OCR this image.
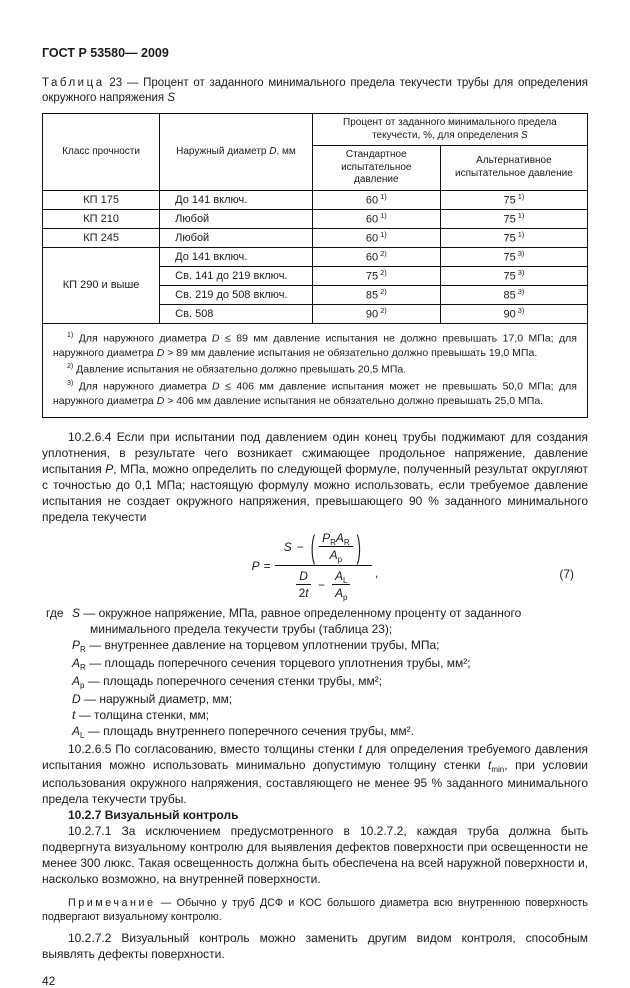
ГОСТ Р 53580— 2009
Таблица 23 — Процент от заданного минимального предела текучести трубы для определения окружного напряжения S
Класс прочности	Наружный диаметр D, мм	Процент от заданного минимального предела текучести, %, для определения S	
		Стандартное испытательное давление	Альтернативное испытательное давление
КП 175	До 141 включ.	60 $^{1)}$	75 $^{1)}$
КП 210	Любой	60 $^{1)}$	75 $^{1)}$
КП 245	Любой	60 $^{1)}$	75 $^{1)}$
КП 290 и выше	До 141 включ.	60 $^{2)}$	75 $^{3)}$
	Св. 141 до 219 включ.	75 $^{2)}$	75 $^{3)}$
	Св. 219 до 508 включ.	85 $^{2)}$	85 $^{3)}$
	Св. 508	90 $^{2)}$	90 $^{3)}$

$^{1)}$ Для наружного диаметра D ≤ 89 мм давление испытания не должно превышать 17,0 МПа; для наружного диаметра D > 89 мм давление испытания не обязательно должно превышать 19,0 МПа.
$^{2)}$ Давление испытания не обязательно должно превышать 20,5 МПа.
$^{3)}$ Для наружного диаметра D ≤ 406 мм давление испытания может не превышать 50,0 МПа; для наружного диаметра D > 406 мм давление испытания не обязательно должно превышать 25,0 МПа.			

10.2.6.4 Если при испытании под давлением один конец трубы поджимают для создания уплотнения, в результате чего возникает сжимающее продольное напряжение, давление испытания P, МПа, можно определить по следующей формуле, полученный результат округляют с точностью до 0,1 МПа; настоящую формулу можно использовать, если требуемое давление испытания не создает окружного напряжения, превышающего 90 % заданного минимального предела текучести

P =
S − ( $\frac{P_RA_R}{A_p}$ )
$\frac{D}{2t} - \frac{A_L}{A_p}$ ,	(7)
где S — окружное напряжение, МПа, равное определенному проценту от заданного минимального предела текучести трубы (таблица 23);
$P_R$ — внутреннее давление на торцевом уплотнении трубы, МПа;
$A_R$ — площадь поперечного сечения торцевого уплотнения трубы, мм²;
$A_p$ — площадь поперечного сечения стенки трубы, мм²;
D — наружный диаметр, мм;
t — толщина стенки, мм;
$A_L$ — площадь внутреннего поперечного сечения трубы, мм².

10.2.6.5 По согласованию, вместо толщины стенки t для определения требуемого давления испытания можно использовать минимально допустимую толщину стенки $t_{min}$, при условии использования окружного напряжения, составляющего не менее 95 % заданного минимального предела текучести трубы.

10.2.7 Визуальный контроль

10.2.7.1 За исключением предусмотренного в 10.2.7.2, каждая труба должна быть подвергнута визуальному контролю для выявления дефектов поверхности при освещенности не менее 300 люкс. Такая освещенность должна быть обеспечена на всей наружной поверхности и, насколько возможно, на внутренней поверхности.

Примечание — Обычно у труб ДСФ и КОС большого диаметра всю внутреннюю поверхность подвергают визуальному контролю.

10.2.7.2 Визуальный контроль можно заменить другим видом контроля, способным выявлять дефекты поверхности.

42
